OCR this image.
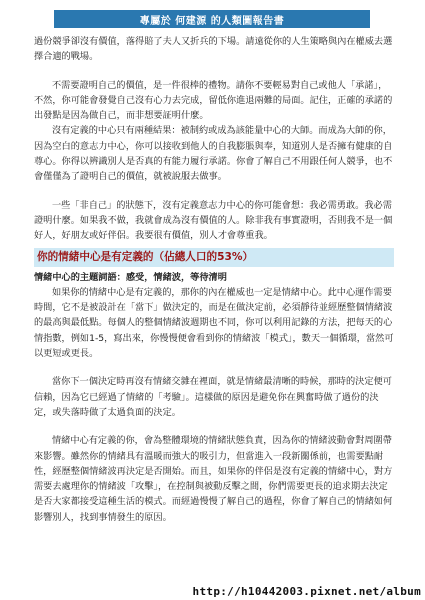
專屬於 何建源 的人類圖報告書

過份競爭卻沒有價值，落得賠了夫人又折兵的下場。請遠從你的人生策略與內在權威去選擇合適的戰場。

不需要證明自己的價值，是一件很棒的禮物。請你不要輕易對自己或他人「承諾」，不然，你可能會發覺自己沒有心力去完成，留低你進退兩難的局面。記住，正確的承諾的出發點是因為做自己，而非想要証明什麼。

沒有定義的中心只有兩種結果：被制約或成為該能量中心的大師。而成為大師的你，因為空白的意志力中心，你可以接收到他人的自我膨脹與奉，知道別人是否擁有健康的自尊心。你得以辨識別人是否真的有能力履行承諾。你會了解自己不用跟任何人競爭，也不會僅僅為了證明自己的價值，就被說服去做事。

一些「非自己」的狀態下，沒有定義意志力中心的你可能會想：我必需勇敢。我必需證明什麼。如果我不做，我就會成為沒有價值的人。除非我有事實證明，否則我不是一個好人，好朋友或好伴侶。我要很有價值，別人才會尊重我。

你的情緒中心是有定義的（佔總人口的53%）

情緒中心的主題詞語：感受，情緒波，等待清明

如果你的情緒中心是有定義的，那你的內在權威也一定是情緒中心。此中心運作需要時間，它不是被設計在「當下」做決定的，而是在做決定前，必須靜待並經歷整個情緒波的最高與最低點。每個人的整個情緒波週期也不同，你可以利用記錄的方法，把每天的心情指數，例如1-5，寫出來，你慢慢便會看到你的情緒波「模式」，數天一個循環，當然可以更短或更長。

當你下一個決定時再沒有情緒交雜在裡面，就是情緒最清晰的時候，那時的決定便可信賴，因為它已經過了情緒的「考驗」。這樣做的原因是避免你在興奮時做了過份的決定，或失落時做了太過負面的決定。

情緒中心有定義的你，會為整體環境的情緒狀態負責，因為你的情緒波動會對周圍帶來影響。雖然你的情緒具有溫暖而強大的吸引力，但當進入一段新關係前，也需要點耐性，經歷整個情緒波再決定是否開始。而且，如果你的伴侶是沒有定義的情緒中心，對方需要去處理你的情緒波「攻擊」，在控制與被動反擊之間，你們需要更長的追求期去決定是否大家都接受這種生活的模式。而經過慢慢了解自己的過程，你會了解自己的情緒如何影響別人，找到事情發生的原因。

http://h10442003.pixnet.net/album
